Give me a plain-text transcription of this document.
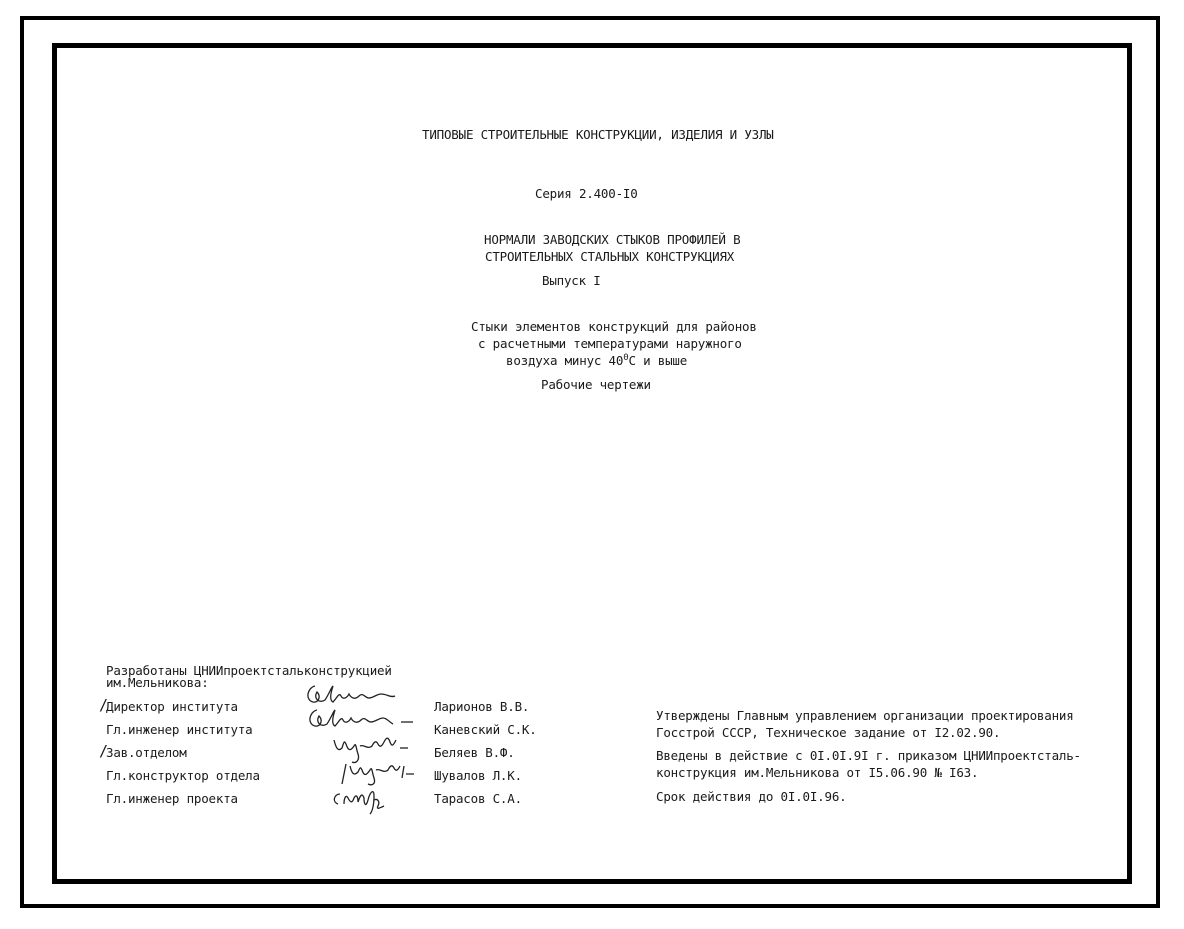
ТИПОВЫЕ СТРОИТЕЛЬНЫЕ КОНСТРУКЦИИ, ИЗДЕЛИЯ И УЗЛЫ
Серия 2.400-I0
НОРМАЛИ ЗАВОДСКИХ СТЫКОВ ПРОФИЛЕЙ В
СТРОИТЕЛЬНЫХ СТАЛЬНЫХ КОНСТРУКЦИЯХ
Выпуск I
Стыки элементов конструкций для районов
с расчетными температурами наружного
воздуха минус $40^0С$ и выше
Рабочие чертежи
Разработаны ЦНИИпроектстальконструкцией
им.Мельникова:
/
Директор института	Ларионов В.В.
Гл.инженер института	Каневский С.К.
/
Зав.отделом	Беляев В.Ф.
Гл.конструктор отдела	Шувалов Л.К.
Гл.инженер проекта	Тарасов С.А.
Утверждены Главным управлением организации проектирования
Госстрой СССР, Техническое задание от I2.02.90.
Введены в действие с 0I.0I.9I г. приказом ЦНИИпроектсталь-
конструкция им.Мельникова от I5.06.90 № I63.
Срок действия до 0I.0I.96.
